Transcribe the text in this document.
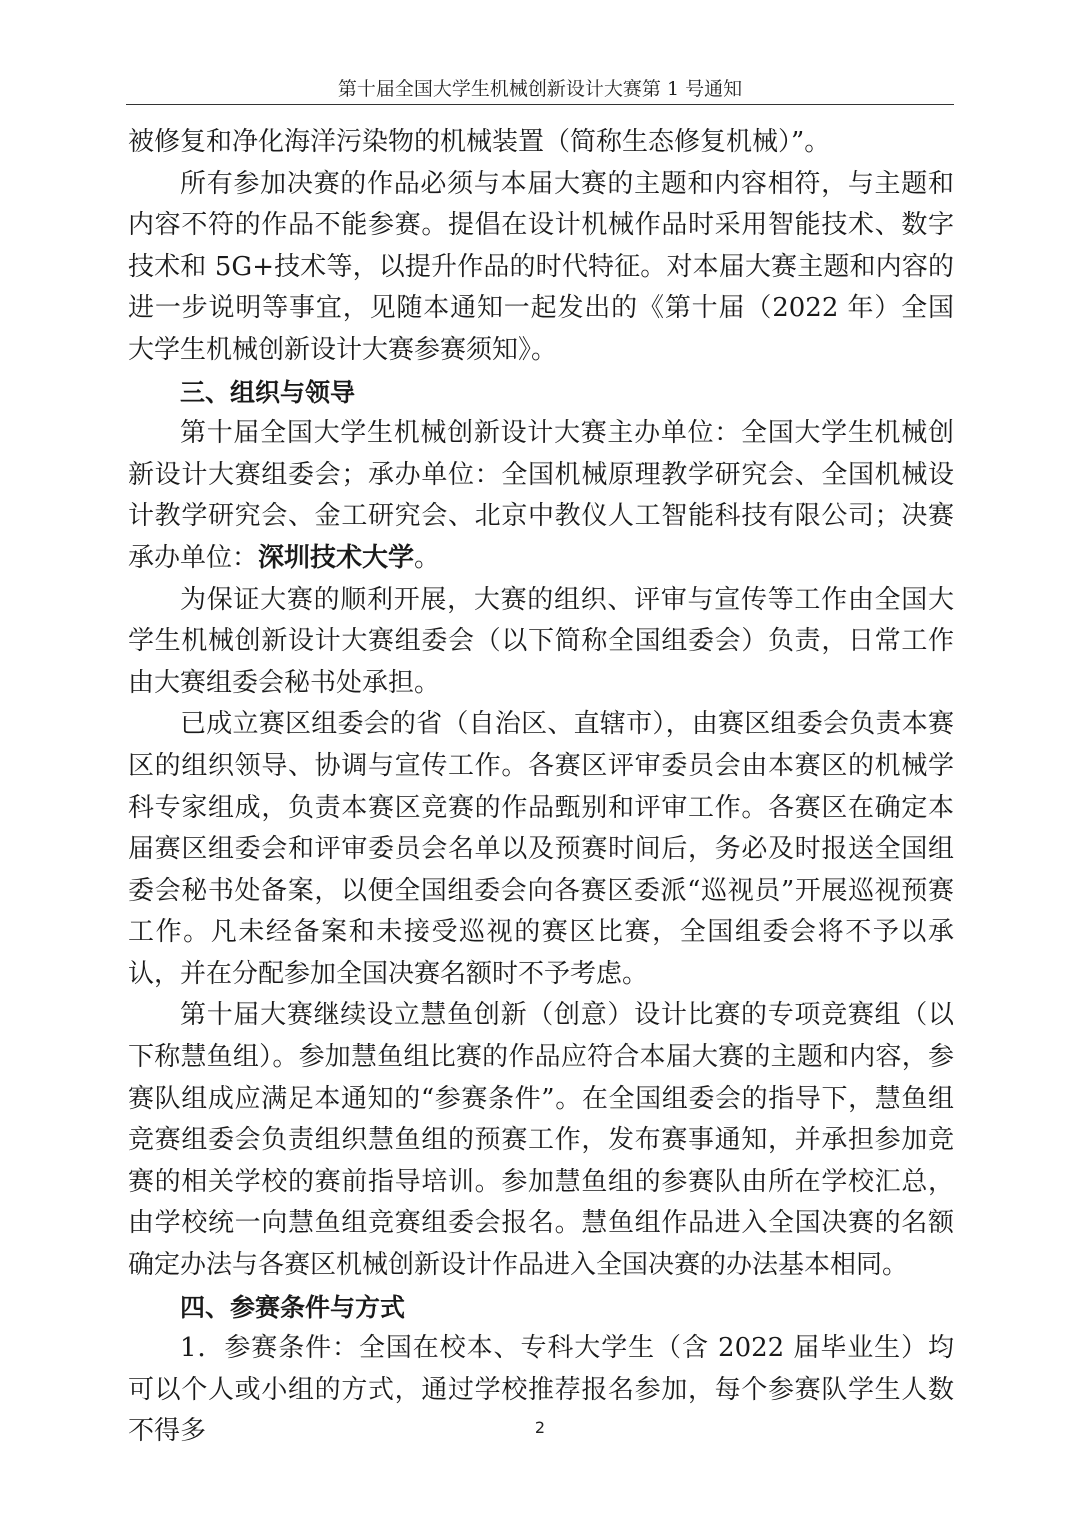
第十届全国大学生机械创新设计大赛第 1 号通知

被修复和净化海洋污染物的机械装置（简称生态修复机械）”。

所有参加决赛的作品必须与本届大赛的主题和内容相符，与主题和内容不符的作品不能参赛。提倡在设计机械作品时采用智能技术、数字技术和 5G+技术等，以提升作品的时代特征。对本届大赛主题和内容的进一步说明等事宜，见随本通知一起发出的《第十届（2022 年）全国大学生机械创新设计大赛参赛须知》。

三、组织与领导

第十届全国大学生机械创新设计大赛主办单位：全国大学生机械创新设计大赛组委会；承办单位：全国机械原理教学研究会、全国机械设计教学研究会、金工研究会、北京中教仪人工智能科技有限公司；决赛承办单位：深圳技术大学。

为保证大赛的顺利开展，大赛的组织、评审与宣传等工作由全国大学生机械创新设计大赛组委会（以下简称全国组委会）负责，日常工作由大赛组委会秘书处承担。

已成立赛区组委会的省（自治区、直辖市），由赛区组委会负责本赛区的组织领导、协调与宣传工作。各赛区评审委员会由本赛区的机械学科专家组成，负责本赛区竞赛的作品甄别和评审工作。各赛区在确定本届赛区组委会和评审委员会名单以及预赛时间后，务必及时报送全国组委会秘书处备案，以便全国组委会向各赛区委派“巡视员”开展巡视预赛工作。凡未经备案和未接受巡视的赛区比赛，全国组委会将不予以承认，并在分配参加全国决赛名额时不予考虑。

第十届大赛继续设立慧鱼创新（创意）设计比赛的专项竞赛组（以下称慧鱼组）。参加慧鱼组比赛的作品应符合本届大赛的主题和内容，参赛队组成应满足本通知的“参赛条件”。在全国组委会的指导下，慧鱼组竞赛组委会负责组织慧鱼组的预赛工作，发布赛事通知，并承担参加竞赛的相关学校的赛前指导培训。参加慧鱼组的参赛队由所在学校汇总，由学校统一向慧鱼组竞赛组委会报名。慧鱼组作品进入全国决赛的名额确定办法与各赛区机械创新设计作品进入全国决赛的办法基本相同。

四、参赛条件与方式

1．参赛条件：全国在校本、专科大学生（含 2022 届毕业生）均可以个人或小组的方式，通过学校推荐报名参加，每个参赛队学生人数不得多	2
